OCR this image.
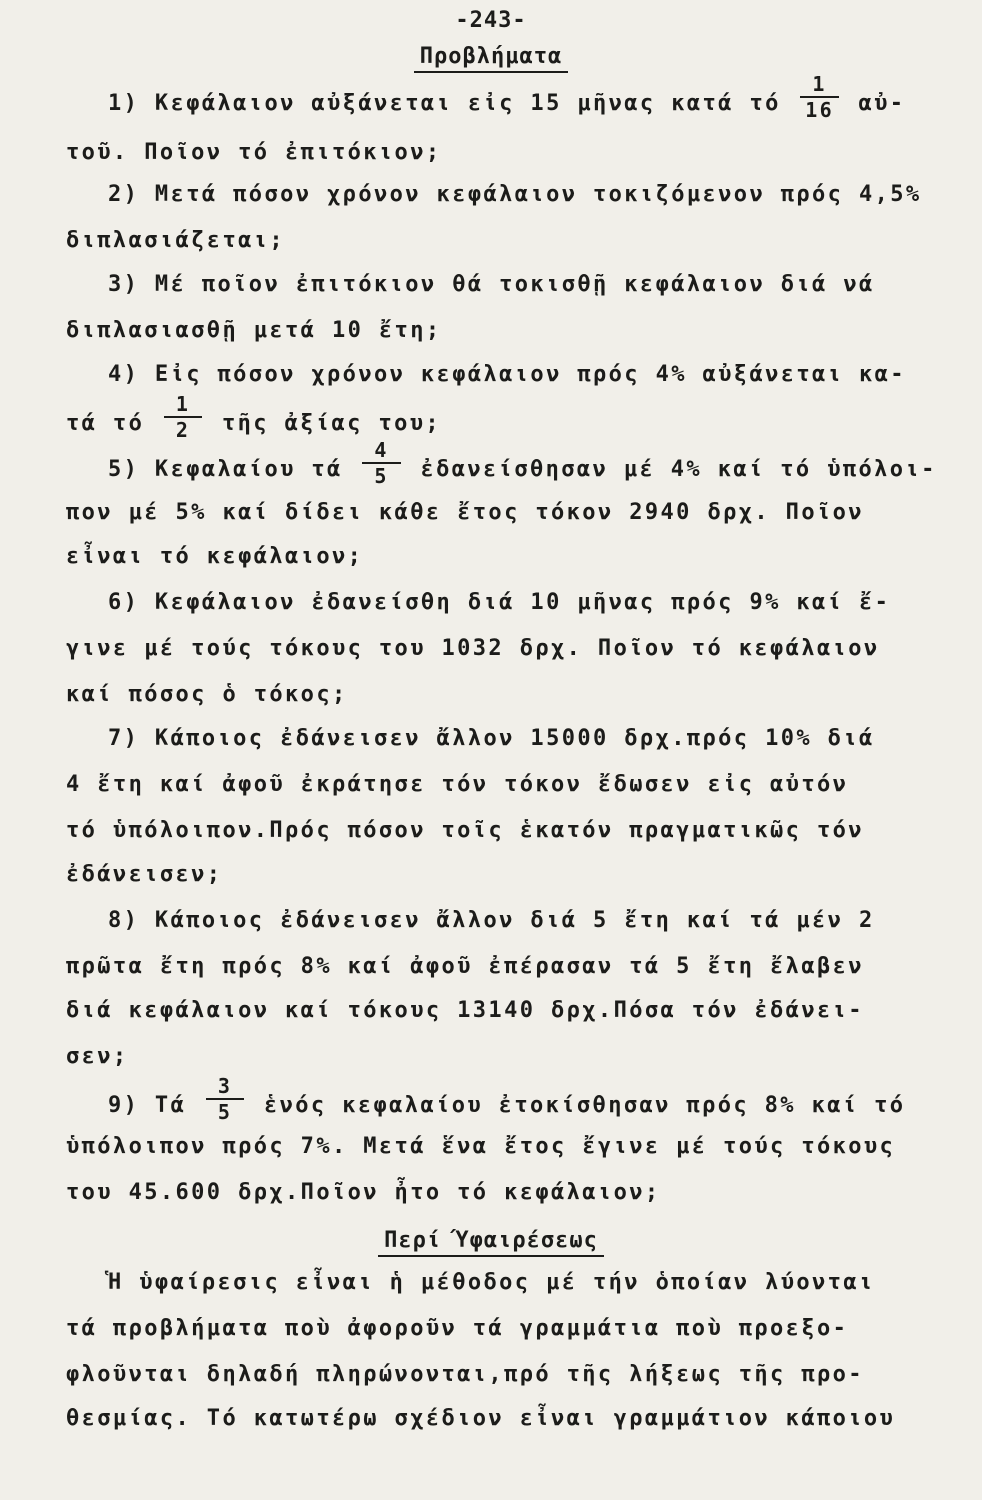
-243-
Προβλήματα
1) Κεφάλαιον αὐξάνεται εἰς 15 μῆνας κατά τό $\frac{1}{16}$ αὐ-
τοῦ. Ποῖον τό ἐπιτόκιον;
2) Μετά πόσον χρόνον κεφάλαιον τοκιζόμενον πρός 4,5%
διπλασιάζεται;
3) Μέ ποῖον ἐπιτόκιον θά τοκισθῇ κεφάλαιον διά νά
διπλασιασθῇ μετά 10 ἔτη;
4) Εἰς πόσον χρόνον κεφάλαιον πρός 4% αὐξάνεται κα-
τά τό $\frac{1}{2}$ τῆς ἀξίας του;
5) Κεφαλαίου τά $\frac{4}{5}$ ἐδανείσθησαν μέ 4% καί τό ὑπόλοι-
πον μέ 5% καί δίδει κάθε ἔτος τόκον 2940 δρχ. Ποῖον
εἶναι τό κεφάλαιον;
6) Κεφάλαιον ἐδανείσθη διά 10 μῆνας πρός 9% καί ἔ-
γινε μέ τούς τόκους του 1032 δρχ. Ποῖον τό κεφάλαιον
καί πόσος ὁ τόκος;
7) Κάποιος ἐδάνεισεν ἄλλον 15000 δρχ.πρός 10% διά
4 ἔτη καί ἀφοῦ ἐκράτησε τόν τόκον ἔδωσεν εἰς αὐτόν
τό ὑπόλοιπον.Πρός πόσον τοῖς ἑκατόν πραγματικῶς τόν
ἐδάνεισεν;
8) Κάποιος ἐδάνεισεν ἄλλον διά 5 ἔτη καί τά μέν 2
πρῶτα ἔτη πρός 8% καί ἀφοῦ ἐπέρασαν τά 5 ἔτη ἔλαβεν
διά κεφάλαιον καί τόκους 13140 δρχ.Πόσα τόν ἐδάνει-
σεν;
9) Τά $\frac{3}{5}$ ἑνός κεφαλαίου ἐτοκίσθησαν πρός 8% καί τό
ὑπόλοιπον πρός 7%. Μετά ἕνα ἔτος ἔγινε μέ τούς τόκους
του 45.600 δρχ.Ποῖον ἦτο τό κεφάλαιον;
Περί Ύφαιρέσεως
Ἡ ὑφαίρεσις εἶναι ἡ μέθοδος μέ τήν ὁποίαν λύονται
τά προβλήματα ποὺ ἀφοροῦν τά γραμμάτια ποὺ προεξο-
φλοῦνται δηλαδή πληρώνονται,πρό τῆς λήξεως τῆς προ-
θεσμίας. Τό κατωτέρω σχέδιον εἶναι γραμμάτιον κάποιου
